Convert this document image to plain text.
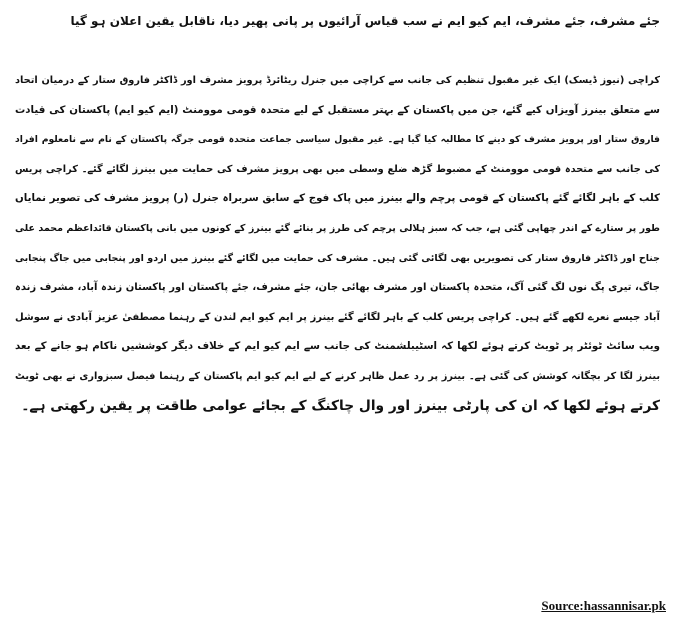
جئے مشرف، جئے مشرف، ایم کیو ایم نے سب قیاس آرائیوں پر پانی پھیر دیا، ناقابل یقین اعلان ہو گیا
کراچی (نیوز ڈیسک) ایک غیر مقبول تنظیم کی جانب سے کراچی میں جنرل ریٹائرڈ پرویز مشرف اور ڈاکٹر فاروق ستار کے درمیان اتحاد
سے متعلق بینرز آویزاں کیے گئے، جن میں پاکستان کے بہتر مستقبل کے لیے متحدہ قومی موومنٹ (ایم کیو ایم) پاکستان کی قیادت
فاروق ستار اور پرویز مشرف کو دینے کا مطالبہ کیا گیا ہے۔ غیر مقبول سیاسی جماعت متحدہ قومی جرگہ پاکستان کے نام سے نامعلوم افراد
کی جانب سے متحدہ قومی موومنٹ کے مضبوط گڑھ ضلع وسطی میں بھی پرویز مشرف کی حمایت میں بینرز لگائے گئے۔ کراچی پریس
کلب کے باہر لگائے گئے پاکستان کے قومی پرچم والے بینرز میں پاک فوج کے سابق سربراہ جنرل (ر) پرویز مشرف کی تصویر نمایاں
طور پر ستارے کے اندر چھاپی گئی ہے، جب کہ سبز ہلالی پرچم کی طرز پر بنائے گئے بینرز کے کونوں میں بانی پاکستان قائداعظم محمد علی
جناح اور ڈاکٹر فاروق ستار کی تصویریں بھی لگائی گئی ہیں۔ مشرف کی حمایت میں لگائے گئے بینرز میں اردو اور پنجابی میں جاگ پنجابی
جاگ، تیری پگ نوں لگ گئی آگ، متحدہ پاکستان اور مشرف بھائی جان، جئے مشرف، جئے پاکستان اور پاکستان زندہ آباد، مشرف زندہ
آباد جیسے نعرے لکھے گئے ہیں۔ کراچی پریس کلب کے باہر لگائے گئے بینرز پر ایم کیو ایم لندن کے رہنما مصطفیٰ عزیز آبادی نے سوشل
ویب سائٹ ٹوئٹر پر ٹویٹ کرتے ہوئے لکھا کہ اسٹیبلشمنٹ کی جانب سے ایم کیو ایم کے خلاف دیگر کوششیں ناکام ہو جانے کے بعد
بینرز لگا کر بچگانہ کوشش کی گئی ہے۔ بینرز پر رد عمل ظاہر کرنے کے لیے ایم کیو ایم پاکستان کے رہنما فیصل سبزواری نے بھی ٹویٹ
کرتے ہوئے لکھا کہ ان کی پارٹی بینرز اور وال چاکنگ کے بجائے عوامی طاقت پر یقین رکھتی ہے۔
Source:hassannisar.pk
